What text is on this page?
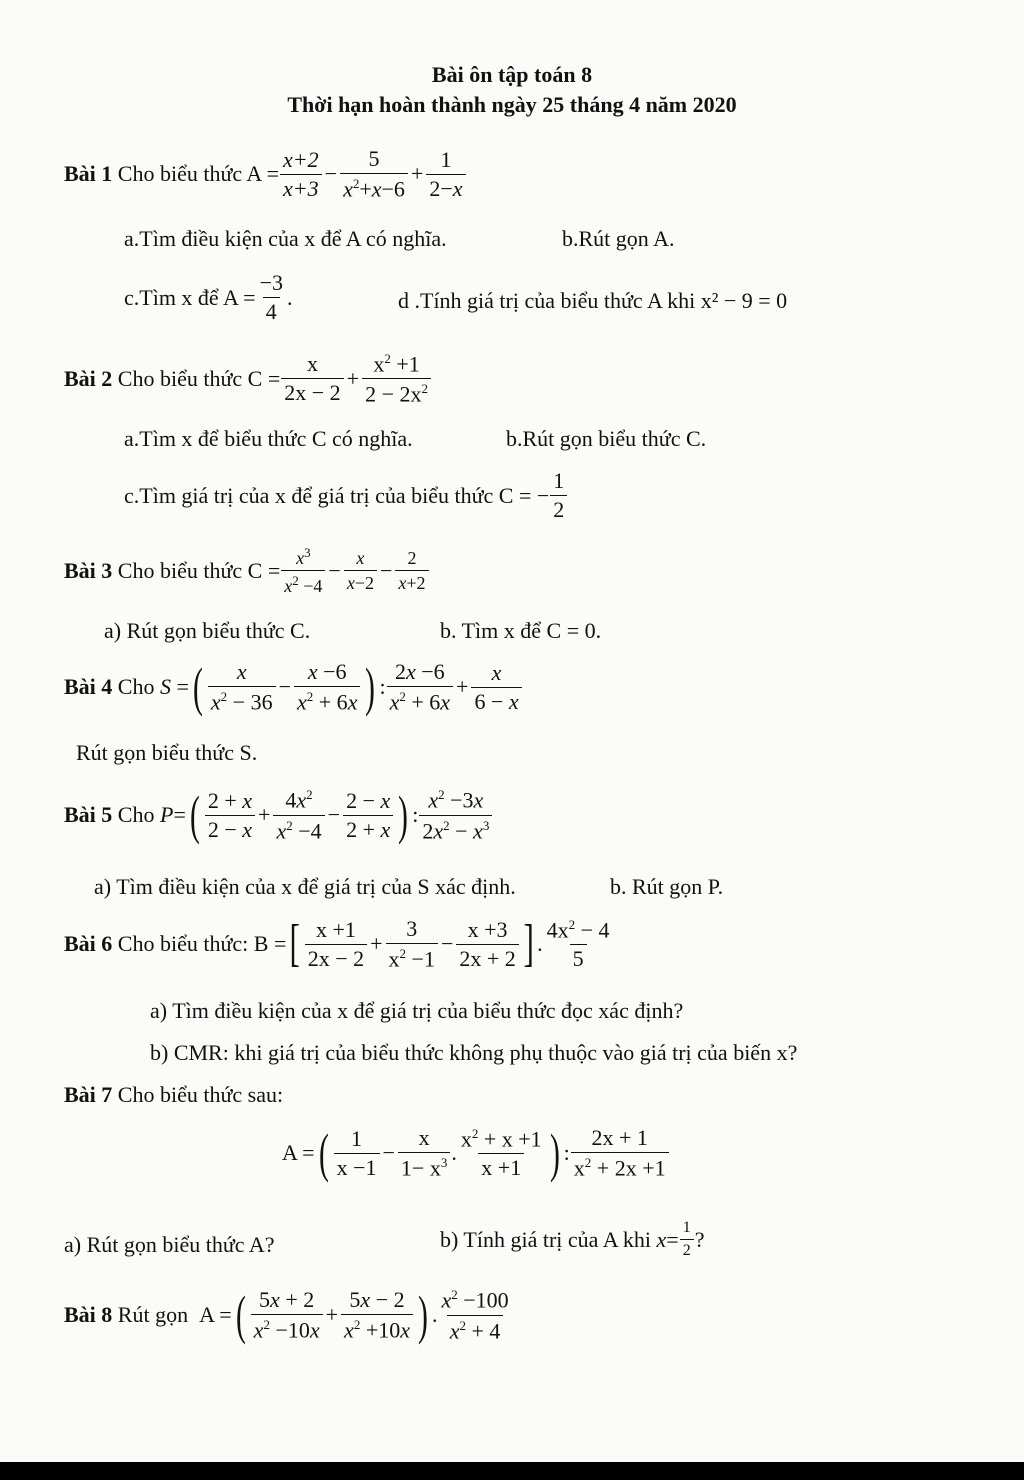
Bài ôn tập toán 8
Thời hạn hoàn thành ngày 25 tháng 4 năm 2020
Bài 1
Cho biểu thức $A = \frac{x+2}{x+3} - \frac{5}{x^2+x-6} + \frac{1}{2-x}$
a.Tìm điều kiện của x để A có nghĩa.	b.Rút gọn A.
c.Tìm x để $A = \frac{-3}{4}$ .	d .Tính giá trị của biểu thức A khi x² − 9 = 0
Bài 2
Cho biểu thức $C = \frac{x}{2x - 2} + \frac{x^2 +1}{2 - 2x^2}$
a.Tìm x để biểu thức C có nghĩa.	b.Rút gọn biểu thức C.
c.Tìm giá trị của x để giá trị của biểu thức C = − $\frac{1}{2}$
Bài 3
Cho biểu thức $C = \frac{x^3}{x^2 -4} - \frac{x}{x-2} - \frac{2}{x+2}$
a) Rút gọn biểu thức C.	b. Tìm x để C = 0.
Bài 4
Cho
S = ( $\frac{x}{x^2 - 36} - \frac{x -6}{x^2 + 6x}$ ) : $\frac{2x -6}{x^2 + 6x} + \frac{x}{6 - x}$
Rút gọn biểu thức S.
Bài 5
Cho
P = ( $\frac{2 + x}{2 - x} + \frac{4x^2}{x^2 -4} - \frac{2 - x}{2 + x}$ ) : $\frac{x^2 -3x}{2x^2 - x^3}$
a) Tìm điều kiện của x để giá trị của S xác định.	b. Rút gọn P.
Bài 6
Cho biểu thức: B = [ $\frac{x +1}{2x - 2} + \frac{3}{x^2 -1} - \frac{x +3}{2x + 2}$ ] . $\frac{4x^2 - 4}{5}$
a) Tìm điều kiện của x để giá trị của biểu thức đọc xác định?
b) CMR: khi giá trị của biểu thức không phụ thuộc vào giá trị của biến x?
Bài 7 Cho biểu thức sau:
A = ( $\frac{1}{x -1} - \frac{x}{1- x^3}$ . $\frac{x^2 + x +1}{x +1}$ ) : $\frac{2x + 1}{x^2 + 2x +1}$
a) Rút gọn biểu thức A?	b) Tính giá trị của A khi
$x = \frac{1}{2}$ ?
Bài 8
Rút gọn A = ( $\frac{5x + 2}{x^2 -10x} + \frac{5x - 2}{x^2 +10x}$ ) . $\frac{x^2 -100}{x^2 + 4}$
